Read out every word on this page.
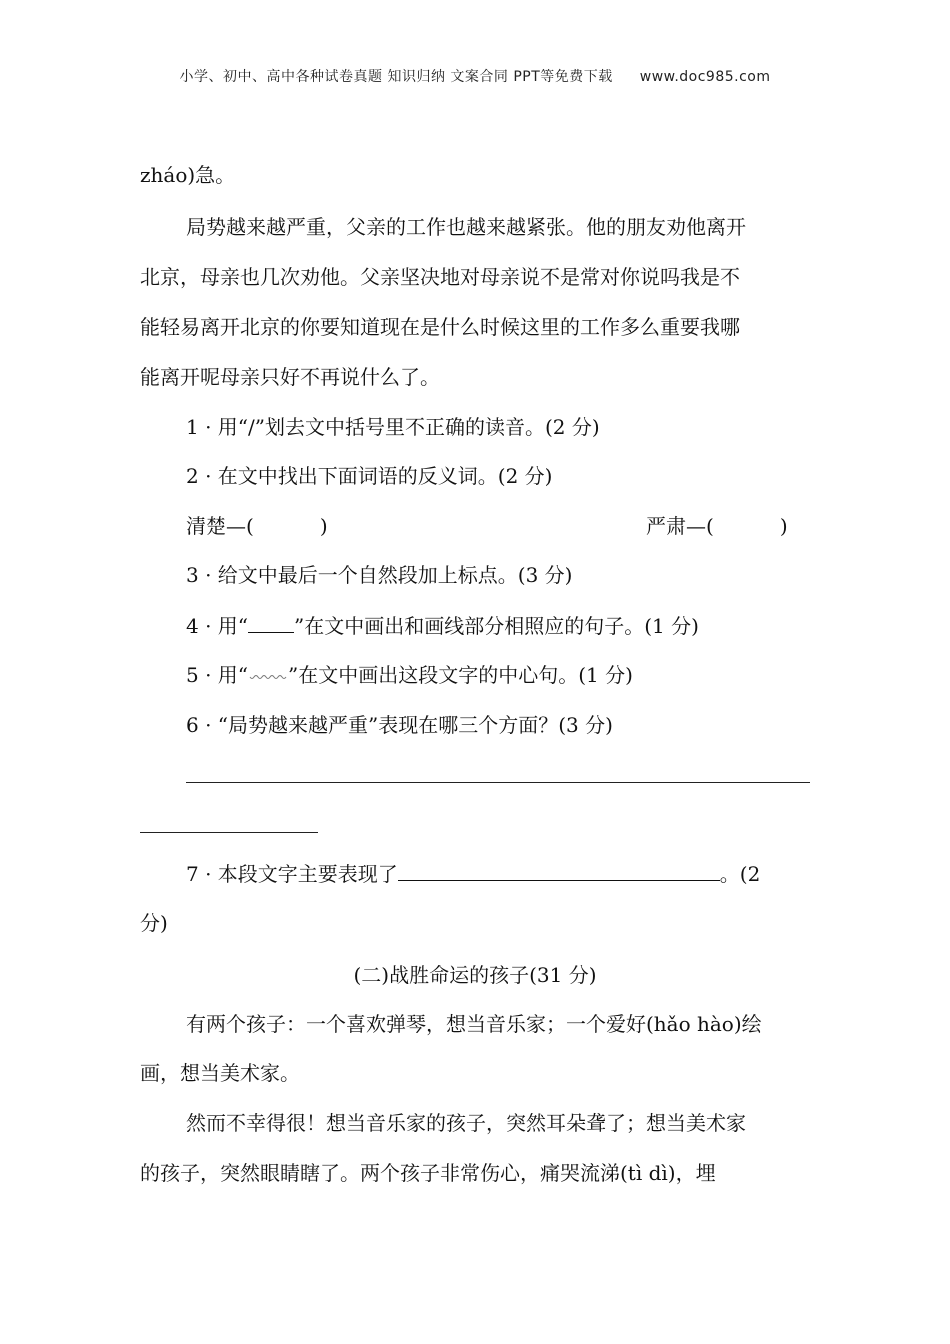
小学、初中、高中各种试卷真题 知识归纳 文案合同 PPT等免费下载 www.doc985.com
zháo)急。
局势越来越严重，父亲的工作也越来越紧张。他的朋友劝他离开
北京，母亲也几次劝他。父亲坚决地对母亲说不是常对你说吗我是不
能轻易离开北京的你要知道现在是什么时候这里的工作多么重要我哪
能离开呢母亲只好不再说什么了。
1 · 用“/”划去文中括号里不正确的读音。(2 分)
2 · 在文中找出下面词语的反义词。(2 分)
清楚—(	)	严肃—(	)
3 · 给文中最后一个自然段加上标点。(3 分)
4 · 用“ ”在文中画出和画线部分相照应的句子。(1 分)
5 · 用“ ”在文中画出这段文字的中心句。(1 分)
6 · “局势越来越严重”表现在哪三个方面？(3 分)
7 · 本段文字主要表现了	。(2
分)
(二)战胜命运的孩子(31 分)
有两个孩子：一个喜欢弹琴，想当音乐家；一个爱好(hǎo hào)绘
画，想当美术家。
然而不幸得很！想当音乐家的孩子，突然耳朵聋了；想当美术家
的孩子，突然眼睛瞎了。两个孩子非常伤心，痛哭流涕(tì dì)，埋
